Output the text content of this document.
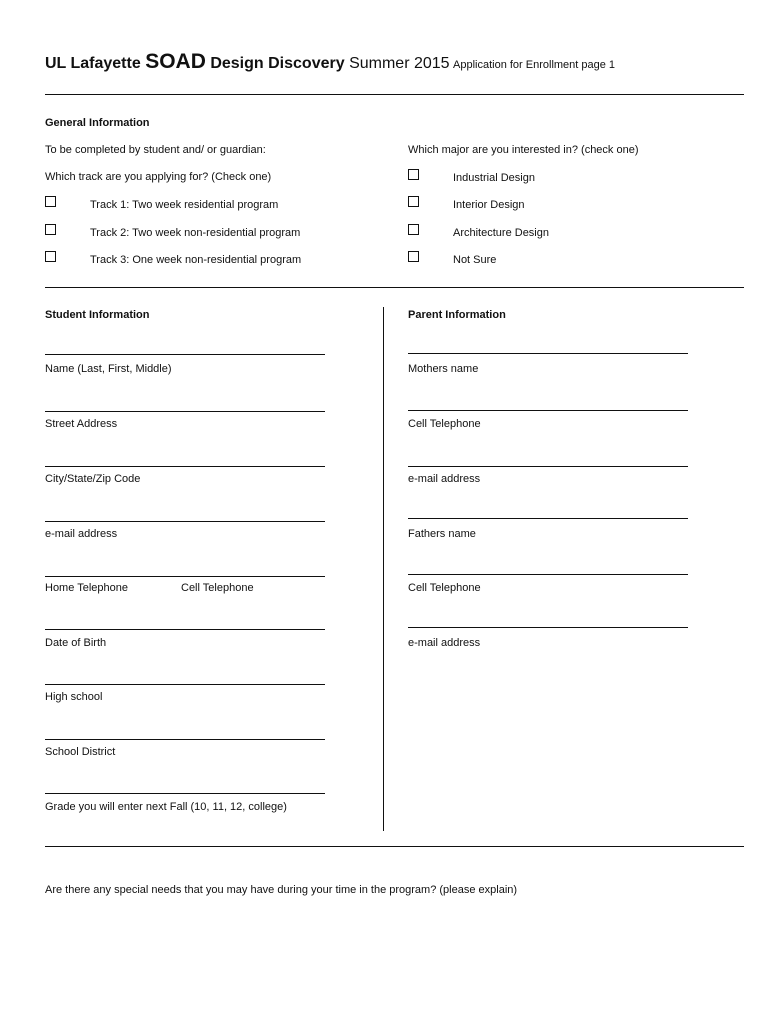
UL Lafayette SOAD Design Discovery Summer 2015 Application for Enrollment page 1
General Information
To be completed by student and/ or guardian:
Which track are you applying for? (Check one)
Track 1: Two week residential program
Track 2: Two week non-residential program
Track 3: One week non-residential program
Which major are you interested in? (check one)
Industrial Design
Interior Design
Architecture Design
Not Sure
Student Information
Name (Last, First, Middle)
Street Address
City/State/Zip Code
e-mail address
Home Telephone	Cell Telephone
Date of Birth
High school
School District
Grade you will enter next Fall (10, 11, 12, college)
Parent Information
Mothers name
Cell Telephone
e-mail address
Fathers name
Cell Telephone
e-mail address
Are there any special needs that you may have during your time in the program? (please explain)
